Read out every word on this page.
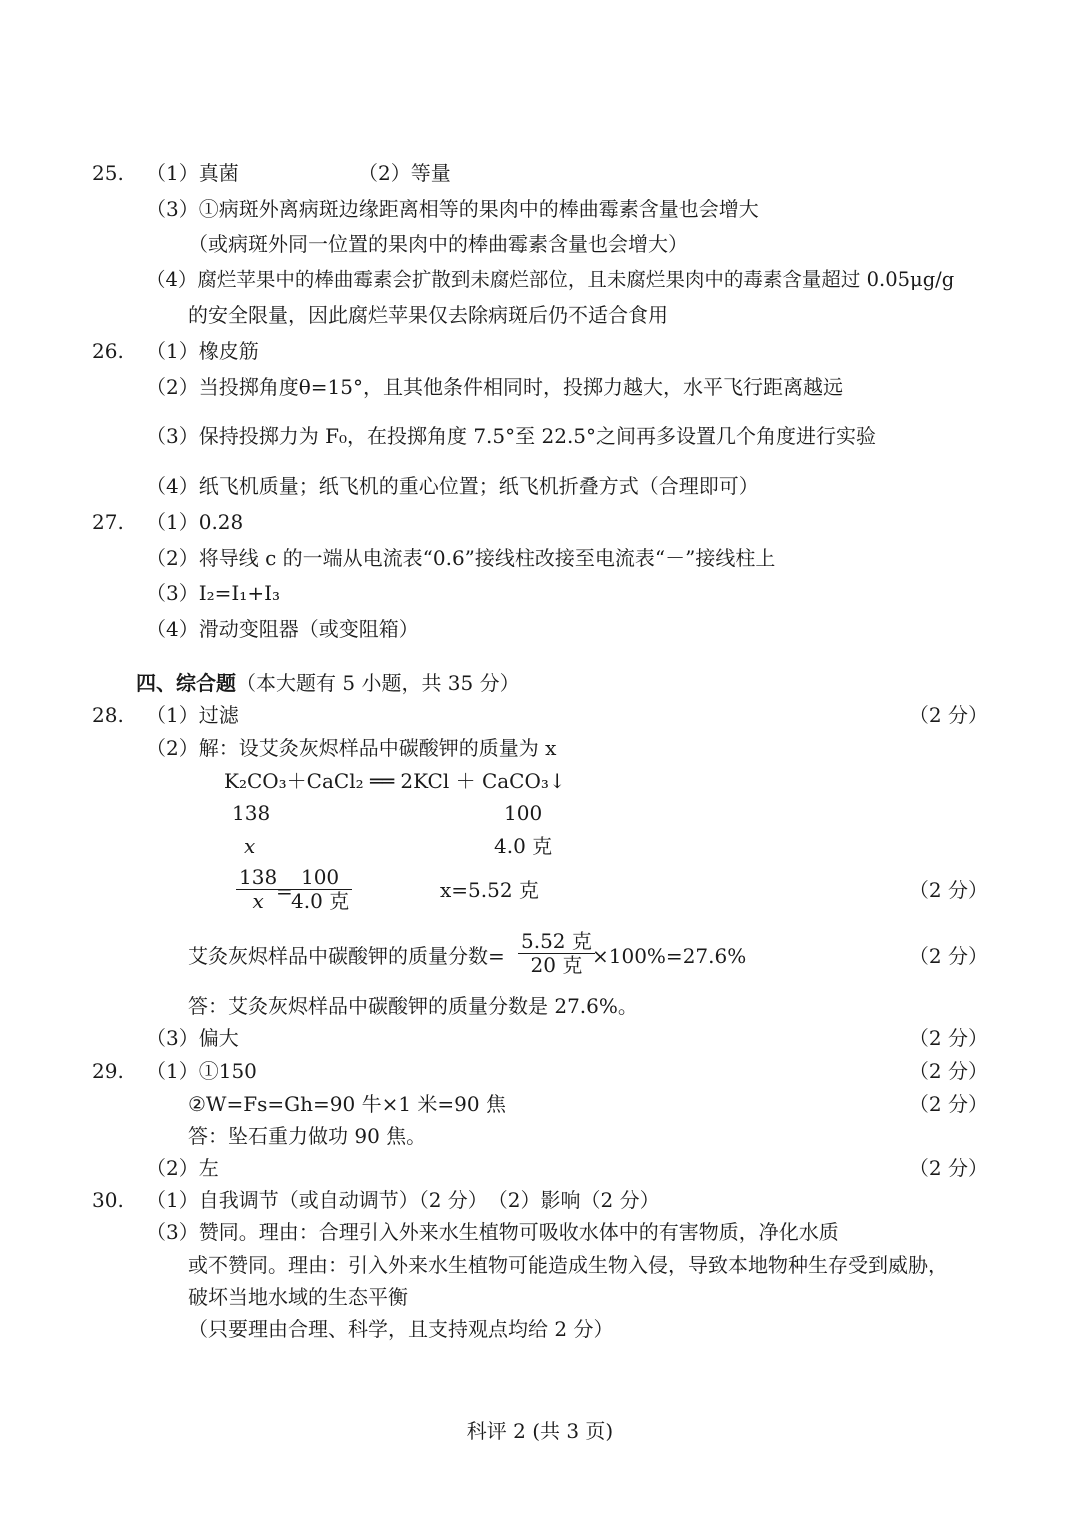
25. （1）真菌	（2）等量
（3）①病斑外离病斑边缘距离相等的果肉中的棒曲霉素含量也会增大
（或病斑外同一位置的果肉中的棒曲霉素含量也会增大）
（4）腐烂苹果中的棒曲霉素会扩散到未腐烂部位，且未腐烂果肉中的毒素含量超过 0.05μg/g
的安全限量，因此腐烂苹果仅去除病斑后仍不适合食用
26. （1）橡皮筋
（2）当投掷角度θ=15°，且其他条件相同时，投掷力越大，水平飞行距离越远
（3）保持投掷力为 F₀，在投掷角度 7.5°至 22.5°之间再多设置几个角度进行实验
（4）纸飞机质量；纸飞机的重心位置；纸飞机折叠方式（合理即可）
27. （1）0.28
（2）将导线 c 的一端从电流表“0.6”接线柱改接至电流表“－”接线柱上
（3）I₂=I₁+I₃
（4）滑动变阻器（或变阻箱）
四、综合题（本大题有 5 小题，共 35 分）
28. （1）过滤	（2 分）
（2）解：设艾灸灰烬样品中碳酸钾的质量为 x
K₂CO₃＋CaCl₂ ══ 2KCl ＋ CaCO₃↓
138	100
x	4.0 克
$\frac{138}{x}$
=
100
4.0 克	x=5.52 克	（2 分）
艾灸灰烬样品中碳酸钾的质量分数=
5.52 克
20 克 ×100%=27.6%	（2 分）
答：艾灸灰烬样品中碳酸钾的质量分数是 27.6%。
（3）偏大	（2 分）
29. （1）①150	（2 分）
②W=Fs=Gh=90 牛×1 米=90 焦	（2 分）
答：坠石重力做功 90 焦。
（2）左	（2 分）
30. （1）自我调节（或自动调节）（2 分）　（2）影响（2 分）
（3）赞同。理由：合理引入外来水生植物可吸收水体中的有害物质，净化水质
或不赞同。理由：引入外来水生植物可能造成生物入侵，导致本地物种生存受到威胁，
破坏当地水域的生态平衡
（只要理由合理、科学，且支持观点均给 2 分）
科评 2 (共 3 页)
